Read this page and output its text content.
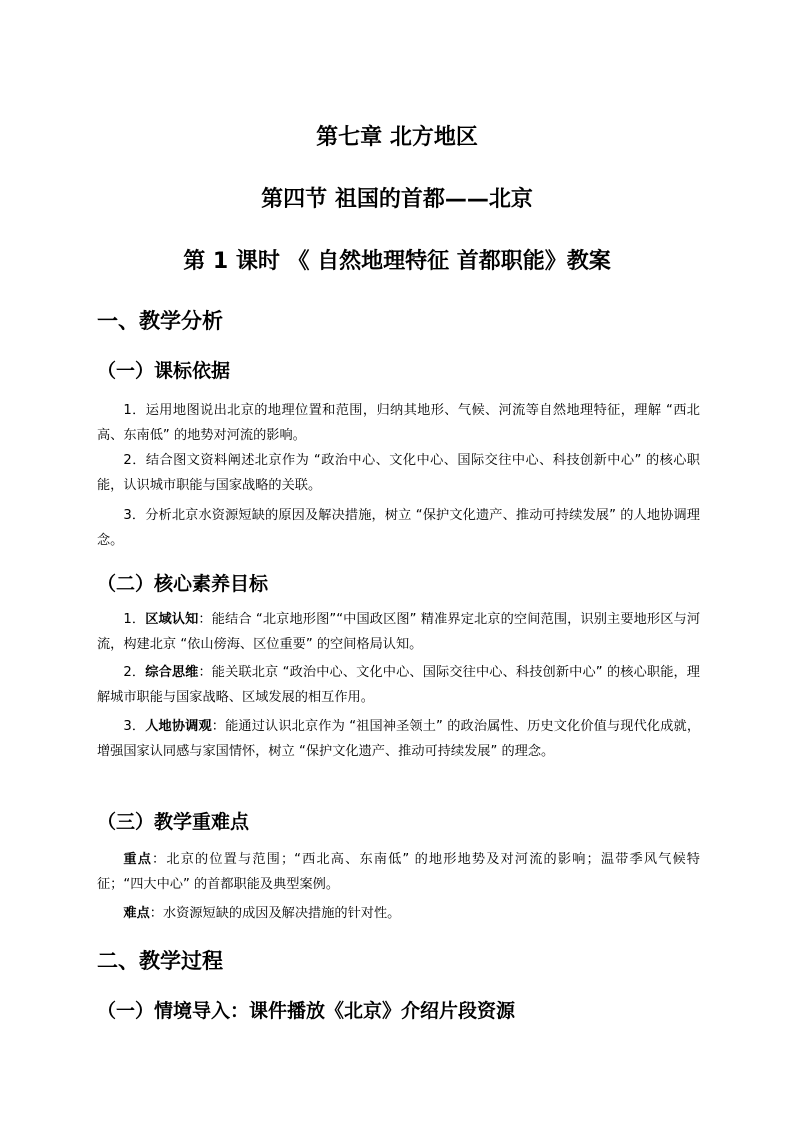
第七章 北方地区
第四节 祖国的首都——北京
第 1 课时 《 自然地理特征 首都职能》教案
一、教学分析
（一）课标依据

1．运用地图说出北京的地理位置和范围，归纳其地形、气候、河流等自然地理特征，理解 “西北高、东南低” 的地势对河流的影响。

2．结合图文资料阐述北京作为 “政治中心、文化中心、国际交往中心、科技创新中心” 的核心职能，认识城市职能与国家战略的关联。

3．分析北京水资源短缺的原因及解决措施，树立 “保护文化遗产、推动可持续发展” 的人地协调理念。

（二）核心素养目标

1．区域认知：能结合 “北京地形图”“中国政区图” 精准界定北京的空间范围，识别主要地形区与河流，构建北京 “依山傍海、区位重要” 的空间格局认知。

2．综合思维：能关联北京 “政治中心、文化中心、国际交往中心、科技创新中心” 的核心职能，理解城市职能与国家战略、区域发展的相互作用。

3．人地协调观：能通过认识北京作为 “祖国神圣领土” 的政治属性、历史文化价值与现代化成就，增强国家认同感与家国情怀，树立 “保护文化遗产、推动可持续发展” 的理念。

（三）教学重难点

重点：北京的位置与范围；“西北高、东南低” 的地形地势及对河流的影响；温带季风气候特征；“四大中心” 的首都职能及典型案例。

难点：水资源短缺的成因及解决措施的针对性。

二、教学过程
（一）情境导入：课件播放《北京》介绍片段资源
